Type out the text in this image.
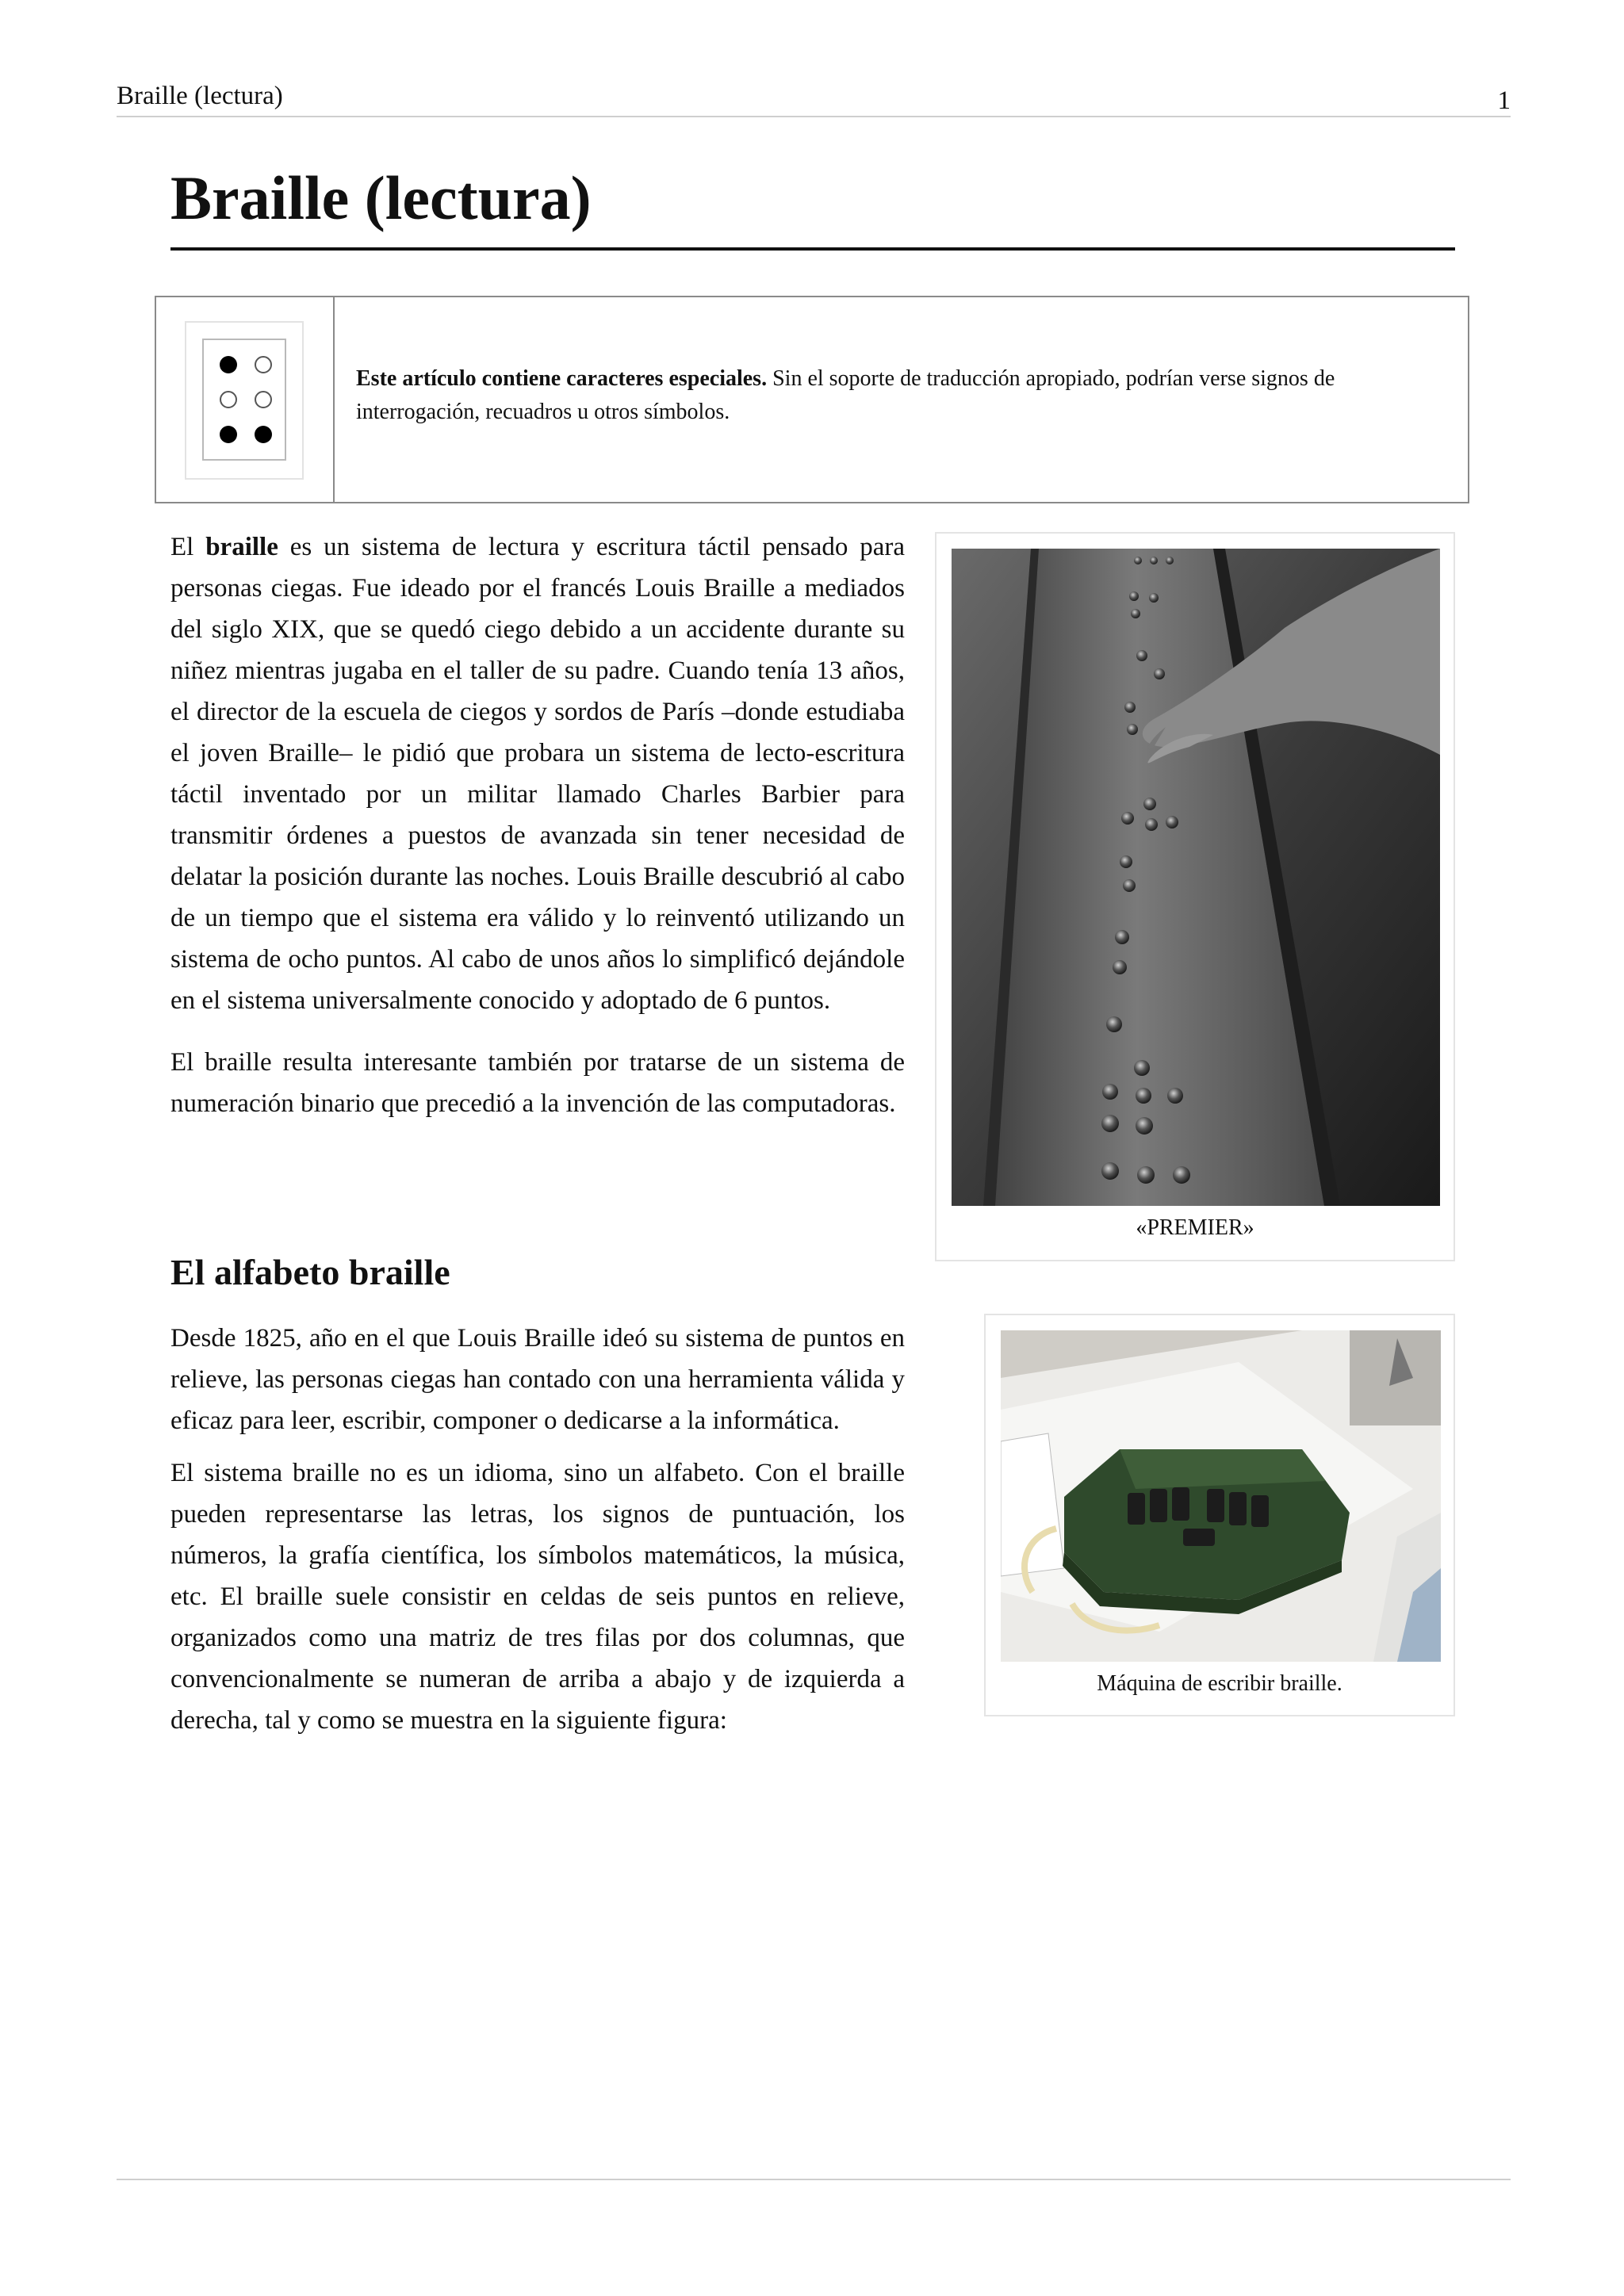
Braille (lectura)	1
Braille (lectura)
Este artículo contiene caracteres especiales. Sin el soporte de traducción apropiado, podrían verse signos de interrogación, recuadros u otros símbolos.

El braille es un sistema de lectura y escritura táctil pensado para personas ciegas. Fue ideado por el francés Louis Braille a mediados del siglo XIX, que se quedó ciego debido a un accidente durante su niñez mientras jugaba en el taller de su padre. Cuando tenía 13 años, el director de la escuela de ciegos y sordos de París –donde estudiaba el joven Braille– le pidió que probara un sistema de lecto-escritura táctil inventado por un militar llamado Charles Barbier para transmitir órdenes a puestos de avanzada sin tener necesidad de delatar la posición durante las noches. Louis Braille descubrió al cabo de un tiempo que el sistema era válido y lo reinventó utilizando un sistema de ocho puntos. Al cabo de unos años lo simplificó dejándole en el sistema universalmente conocido y adoptado de 6 puntos.

El braille resulta interesante también por tratarse de un sistema de numeración binario que precedió a la invención de las computadoras.

El alfabeto braille

Desde 1825, año en el que Louis Braille ideó su sistema de puntos en relieve, las personas ciegas han contado con una herramienta válida y eficaz para leer, escribir, componer o dedicarse a la informática.

El sistema braille no es un idioma, sino un alfabeto. Con el braille pueden representarse las letras, los signos de puntuación, los números, la grafía científica, los símbolos matemáticos, la música, etc. El braille suele consistir en celdas de seis puntos en relieve, organizados como una matriz de tres filas por dos columnas, que convencionalmente se numeran de arriba a abajo y de izquierda a derecha, tal y como se muestra en la siguiente figura:

«PREMIER»
Máquina de escribir braille.
